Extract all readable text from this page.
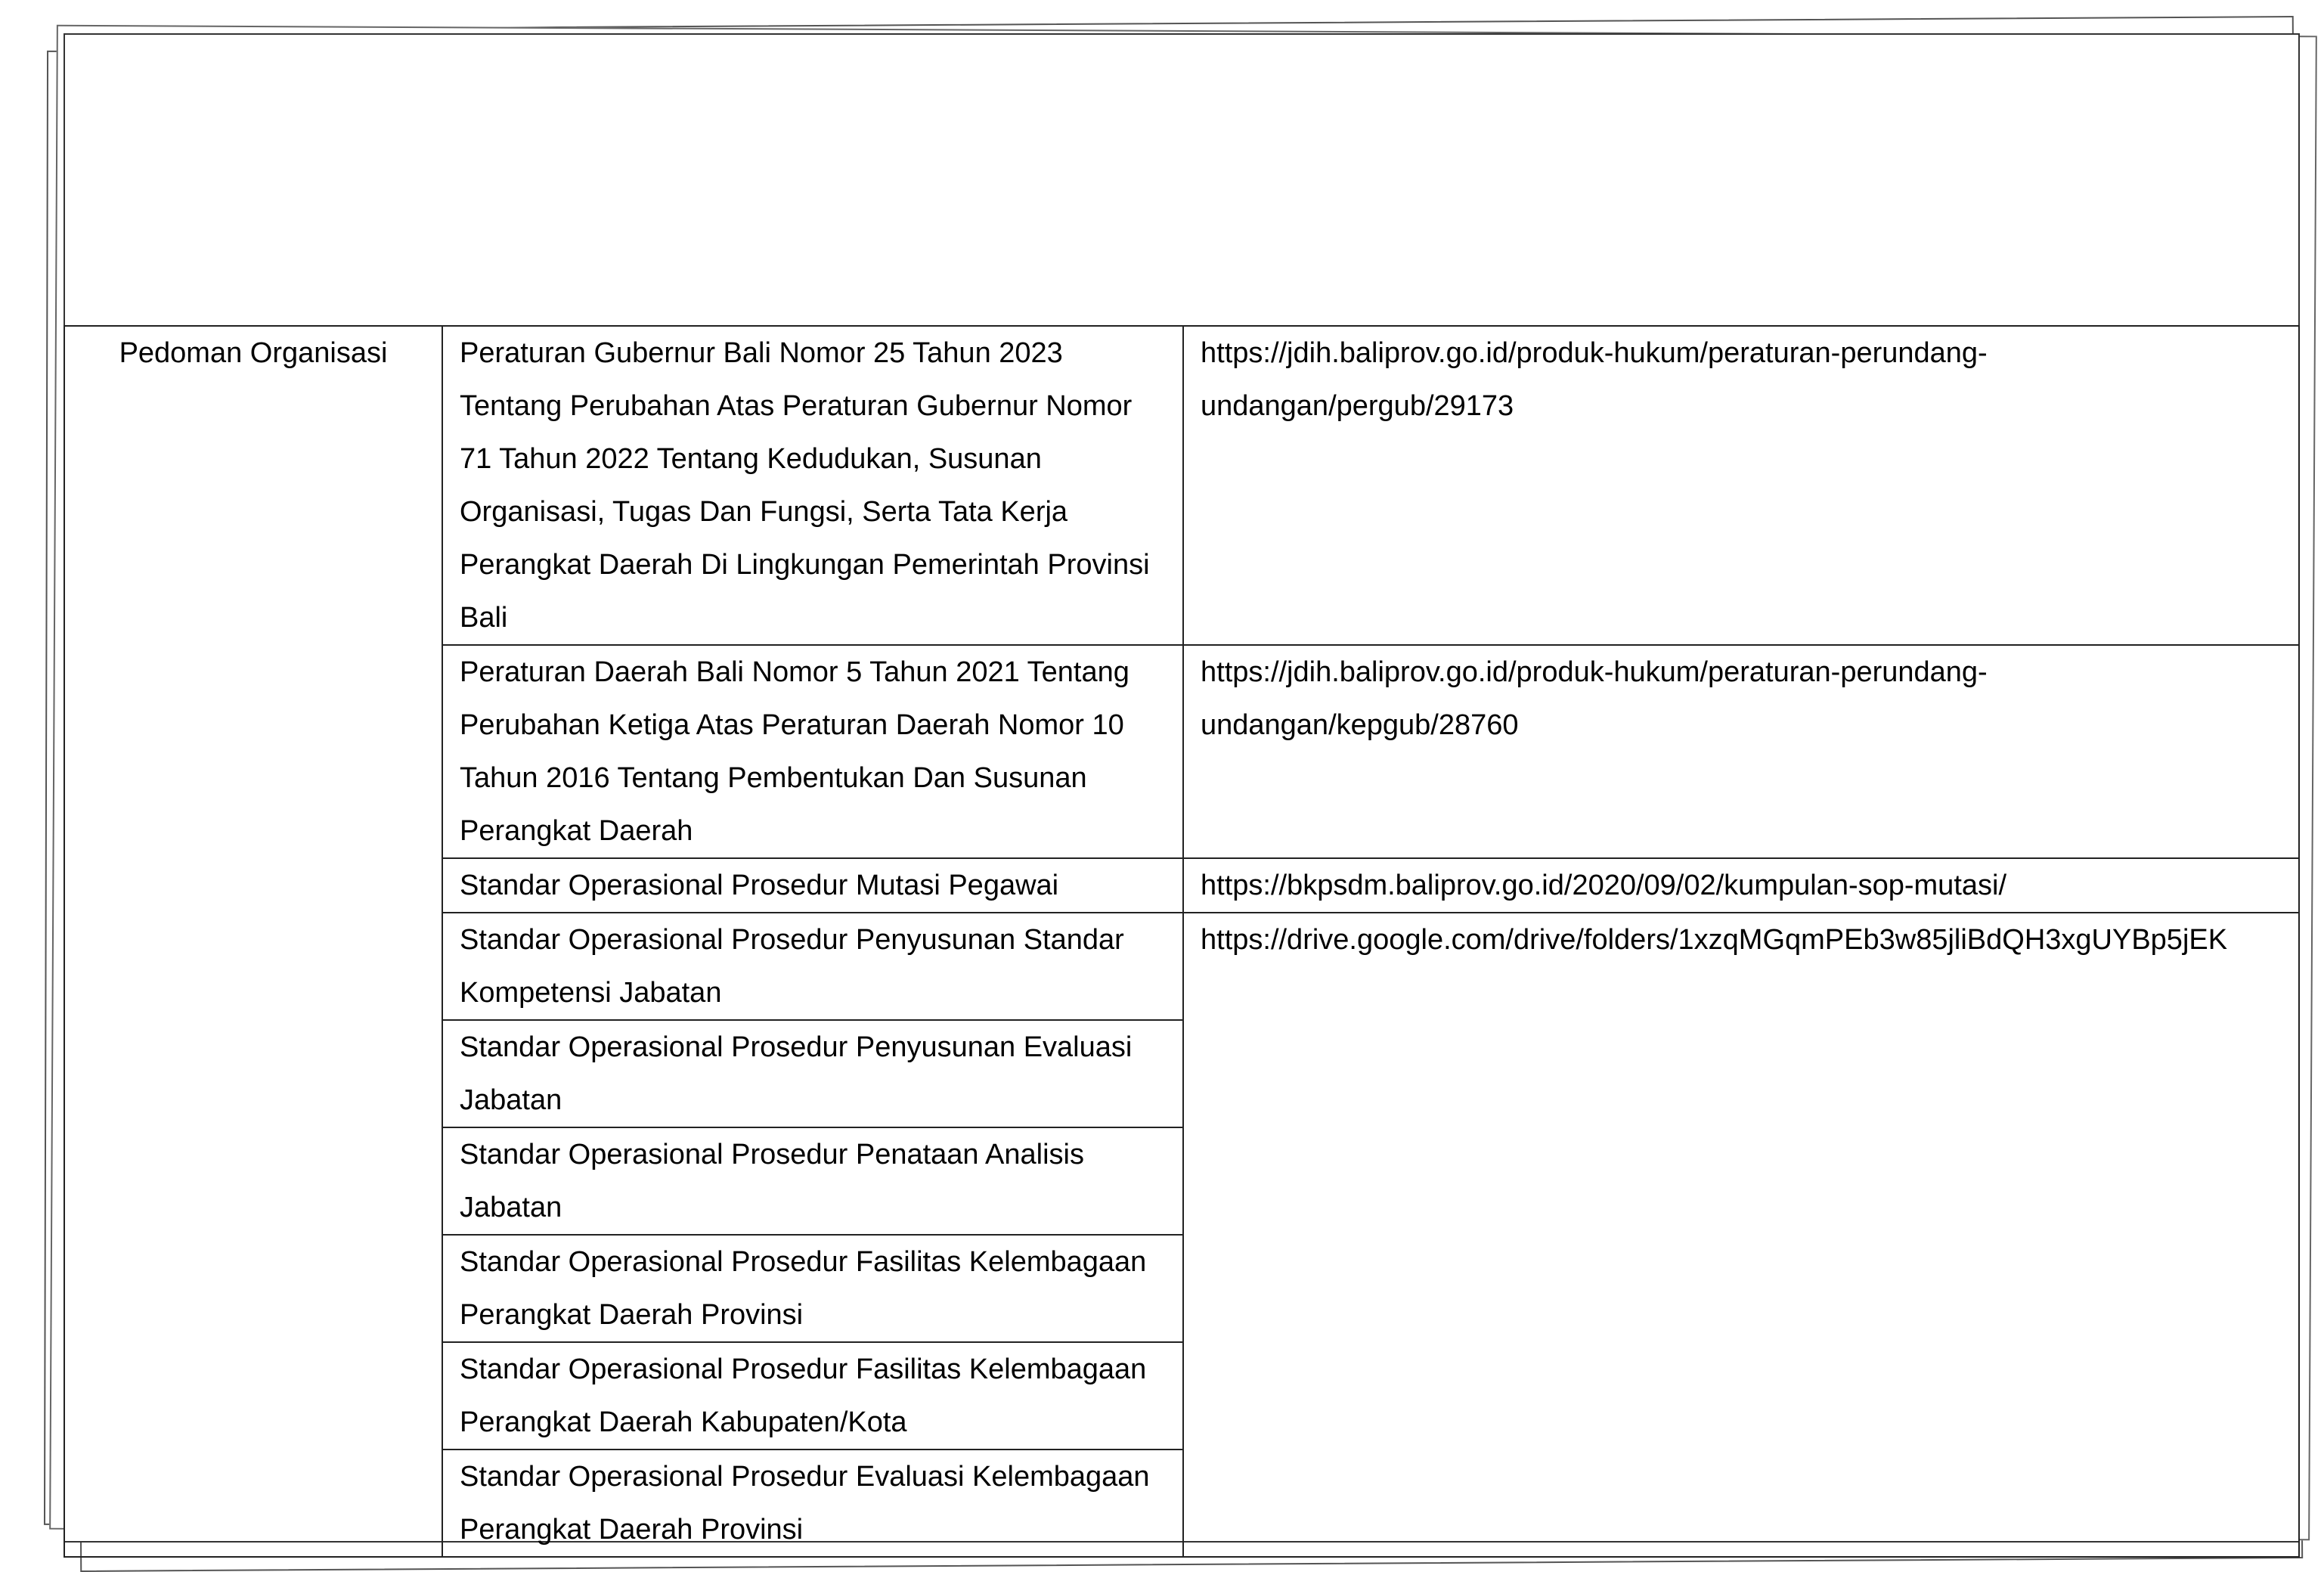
Pedoman Organisasi	Peraturan Gubernur Bali Nomor 25 Tahun 2023 Tentang Perubahan Atas Peraturan Gubernur Nomor 71 Tahun 2022 Tentang Kedudukan, Susunan Organisasi, Tugas Dan Fungsi, Serta Tata Kerja Perangkat Daerah Di Lingkungan Pemerintah Provinsi Bali	https://jdih.baliprov.go.id/produk-hukum/peraturan-perundang-undangan/pergub/29173
	Peraturan Daerah Bali Nomor 5 Tahun 2021 Tentang Perubahan Ketiga Atas Peraturan Daerah Nomor 10 Tahun 2016 Tentang Pembentukan Dan Susunan Perangkat Daerah	https://jdih.baliprov.go.id/produk-hukum/peraturan-perundang-undangan/kepgub/28760
	Standar Operasional Prosedur Mutasi Pegawai	https://bkpsdm.baliprov.go.id/2020/09/02/kumpulan-sop-mutasi/
	Standar Operasional Prosedur Penyusunan Standar Kompetensi Jabatan	https://drive.google.com/drive/folders/1xzqMGqmPEb3w85jliBdQH3xgUYBp5jEK
	Standar Operasional Prosedur Penyusunan Evaluasi Jabatan	
	Standar Operasional Prosedur Penataan Analisis Jabatan	
	Standar Operasional Prosedur Fasilitas Kelembagaan Perangkat Daerah Provinsi	
	Standar Operasional Prosedur Fasilitas Kelembagaan Perangkat Daerah Kabupaten/Kota	
	Standar Operasional Prosedur Evaluasi Kelembagaan Perangkat Daerah Provinsi	
